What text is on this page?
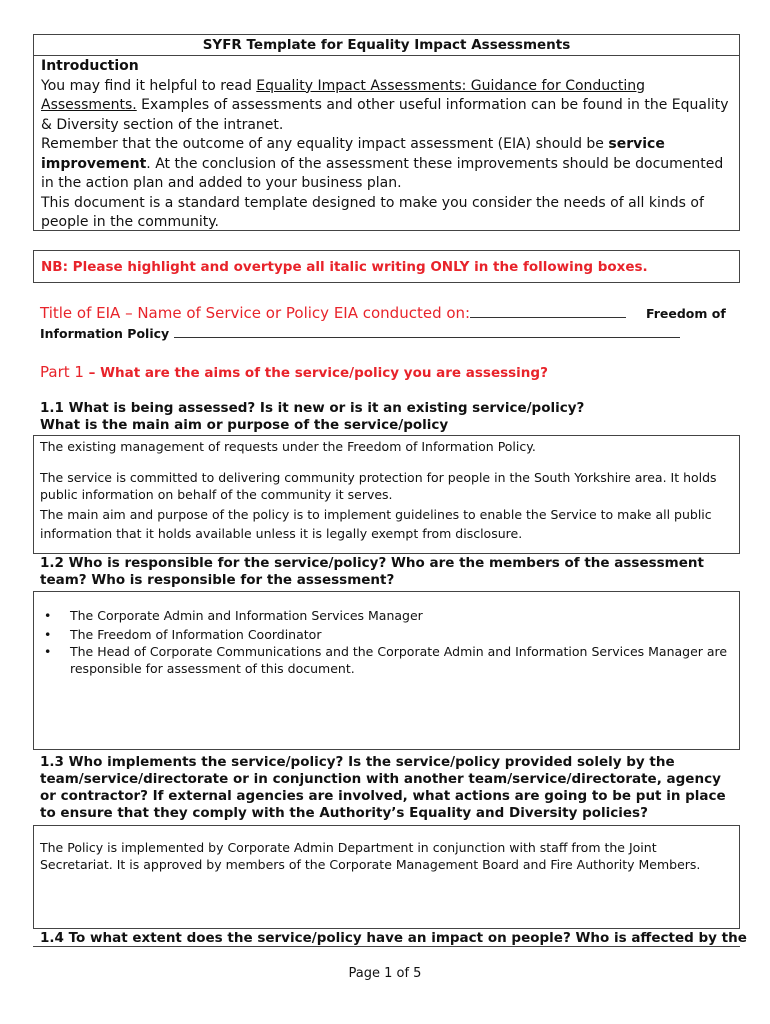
SYFR Template for Equality Impact Assessments

Introduction

You may find it helpful to read Equality Impact Assessments: Guidance for Conducting Assessments. Examples of assessments and other useful information can be found in the Equality & Diversity section of the intranet.

Remember that the outcome of any equality impact assessment (EIA) should be service improvement. At the conclusion of the assessment these improvements should be documented in the action plan and added to your business plan.

This document is a standard template designed to make you consider the needs of all kinds of people in the community.

NB: Please highlight and overtype all italic writing ONLY in the following boxes.
Title of EIA – Name of Service or Policy EIA conducted on:	Freedom of
Information Policy
Part 1 – What are the aims of the service/policy you are assessing?
1.1 What is being assessed? Is it new or is it an existing service/policy?
What is the main aim or purpose of the service/policy

The existing management of requests under the Freedom of Information Policy.

The service is committed to delivering community protection for people in the South Yorkshire area. It holds public information on behalf of the community it serves.

The main aim and purpose of the policy is to implement guidelines to enable the Service to make all public information that it holds available unless it is legally exempt from disclosure.

1.2 Who is responsible for the service/policy? Who are the members of the assessment team? Who is responsible for the assessment?
• The Corporate Admin and Information Services Manager
• The Freedom of Information Coordinator
• The Head of Corporate Communications and the Corporate Admin and Information Services Manager are responsible for assessment of this document.
1.3 Who implements the service/policy? Is the service/policy provided solely by the team/service/directorate or in conjunction with another team/service/directorate, agency or contractor? If external agencies are involved, what actions are going to be put in place to ensure that they comply with the Authority’s Equality and Diversity policies?

The Policy is implemented by Corporate Admin Department in conjunction with staff from the Joint Secretariat. It is approved by members of the Corporate Management Board and Fire Authority Members.

1.4 To what extent does the service/policy have an impact on people? Who is affected by the
Page 1 of 5
